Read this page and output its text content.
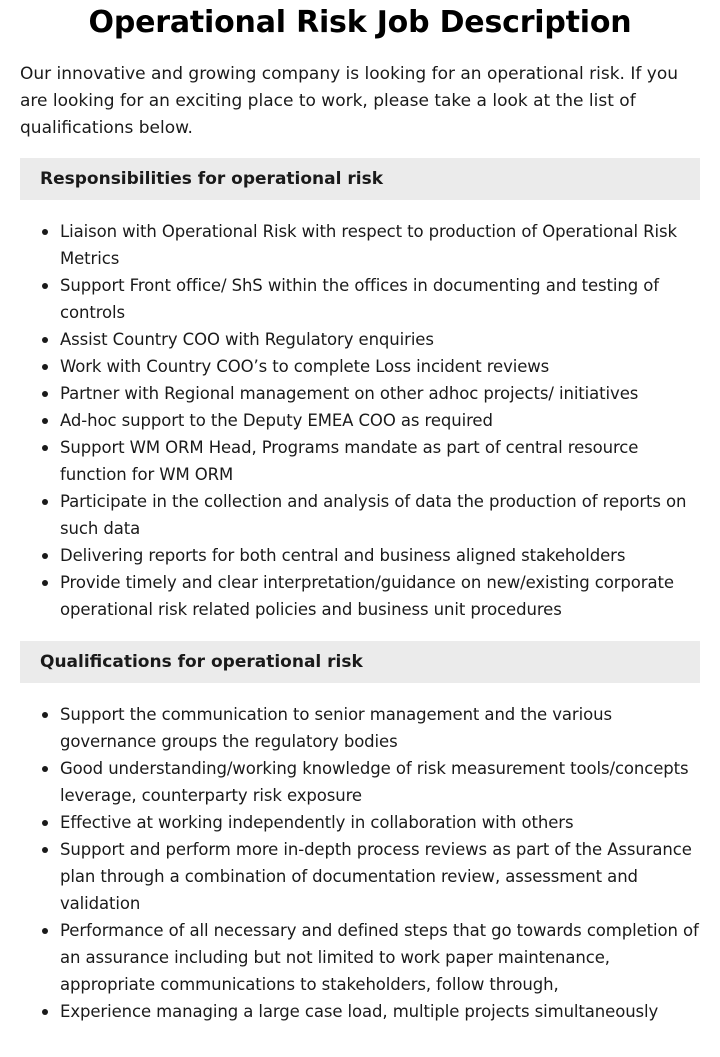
Operational Risk Job Description

Our innovative and growing company is looking for an operational risk. If you are looking for an exciting place to work, please take a look at the list of qualifications below.

Responsibilities for operational risk
Liaison with Operational Risk with respect to production of Operational Risk Metrics
Support Front office/ ShS within the offices in documenting and testing of controls
Assist Country COO with Regulatory enquiries
Work with Country COO’s to complete Loss incident reviews
Partner with Regional management on other adhoc projects/ initiatives
Ad-hoc support to the Deputy EMEA COO as required
Support WM ORM Head, Programs mandate as part of central resource function for WM ORM
Participate in the collection and analysis of data the production of reports on such data
Delivering reports for both central and business aligned stakeholders
Provide timely and clear interpretation/guidance on new/existing corporate operational risk related policies and business unit procedures
Qualifications for operational risk
Support the communication to senior management and the various governance groups the regulatory bodies
Good understanding/working knowledge of risk measurement tools/concepts leverage, counterparty risk exposure
Effective at working independently in collaboration with others
Support and perform more in-depth process reviews as part of the Assurance plan through a combination of documentation review, assessment and validation
Performance of all necessary and defined steps that go towards completion of an assurance including but not limited to work paper maintenance, appropriate communications to stakeholders, follow through,
Experience managing a large case load, multiple projects simultaneously
